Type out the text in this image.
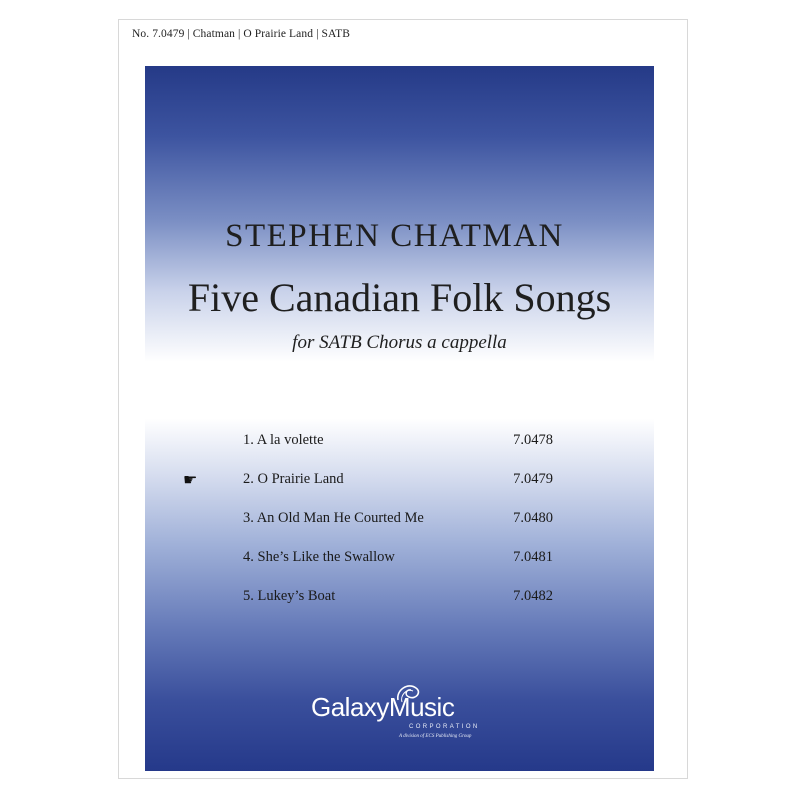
No. 7.0479 | Chatman | O Prairie Land | SATB
STEPHEN CHATMAN
Five Canadian Folk Songs
for SATB Chorus a cappella
1. A la volette	7.0478
☛	2. O Prairie Land	7.0479
3. An Old Man He Courted Me	7.0480
4. She’s Like the Swallow	7.0481
5. Lukey’s Boat	7.0482
GalaxyMusic
CORPORATION
A division of ECS Publishing Group
